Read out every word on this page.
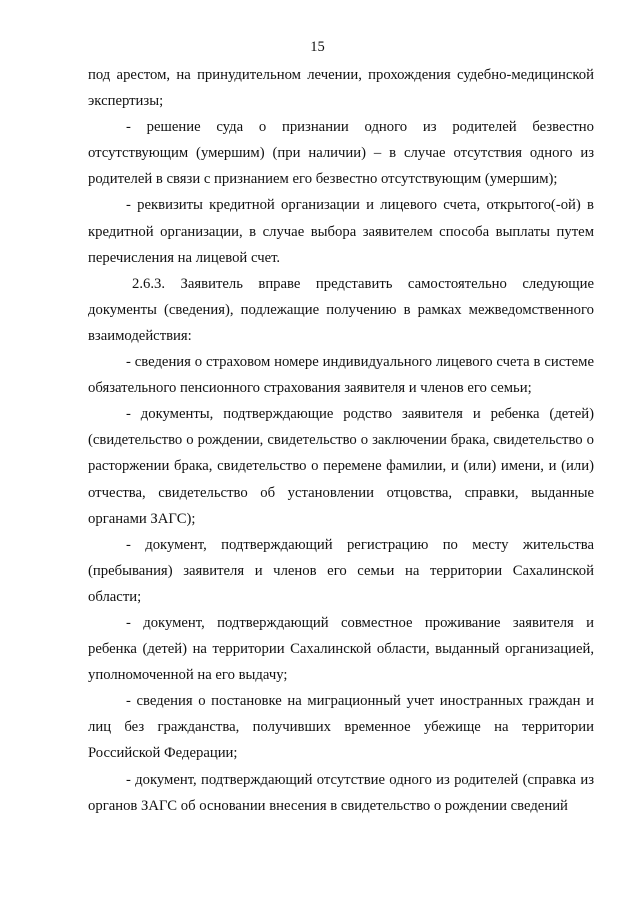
15

под арестом, на принудительном лечении, прохождения судебно-медицинской экспертизы;

- решение суда о признании одного из родителей безвестно отсутствующим (умершим) (при наличии) – в случае отсутствия одного из родителей в связи с признанием его безвестно отсутствующим (умершим);

- реквизиты кредитной организации и лицевого счета, открытого(-ой) в кредитной организации, в случае выбора заявителем способа выплаты путем перечисления на лицевой счет.

2.6.3. Заявитель вправе представить самостоятельно следующие документы (сведения), подлежащие получению в рамках межведомственного взаимодействия:

- сведения о страховом номере индивидуального лицевого счета в системе обязательного пенсионного страхования заявителя и членов его семьи;

- документы, подтверждающие родство заявителя и ребенка (детей) (свидетельство о рождении, свидетельство о заключении брака, свидетельство о расторжении брака, свидетельство о перемене фамилии, и (или) имени, и (или) отчества, свидетельство об установлении отцовства, справки, выданные органами ЗАГС);

- документ, подтверждающий регистрацию по месту жительства (пребывания) заявителя и членов его семьи на территории Сахалинской области;

- документ, подтверждающий совместное проживание заявителя и ребенка (детей) на территории Сахалинской области, выданный организацией, уполномоченной на его выдачу;

- сведения о постановке на миграционный учет иностранных граждан и лиц без гражданства, получивших временное убежище на территории Российской Федерации;

- документ, подтверждающий отсутствие одного из родителей (справка из органов ЗАГС об основании внесения в свидетельство о рождении сведений
